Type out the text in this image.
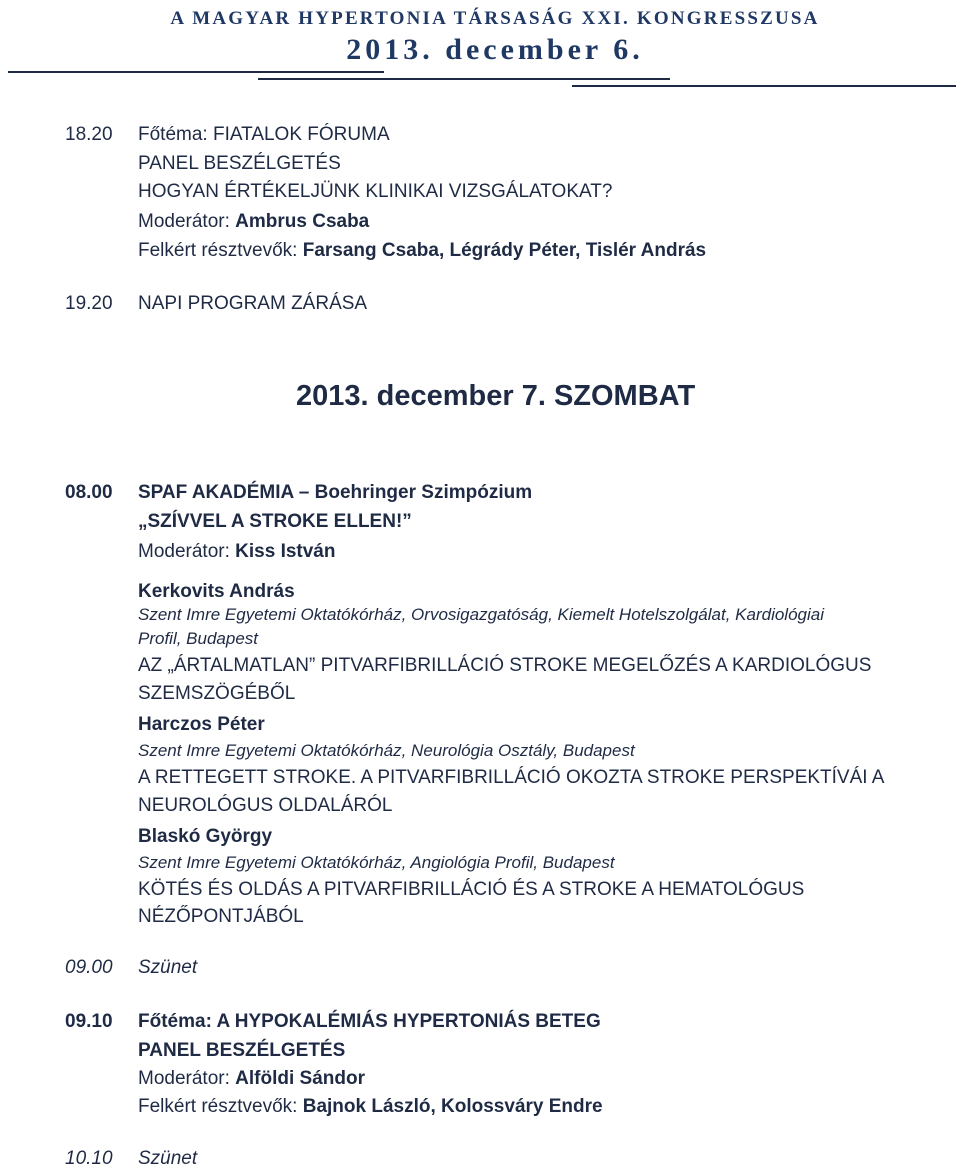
A MAGYAR HYPERTONIA TÁRSASÁG XXI. KONGRESSZUSA
2013. december 6.
18.20 Főtéma: FIATALOK FÓRUMA
PANEL BESZÉLGETÉS
HOGYAN ÉRTÉKELJÜNK KLINIKAI VIZSGÁLATOKAT?
Moderátor: Ambrus Csaba
Felkért résztvevők: Farsang Csaba, Légrády Péter, Tislér András
19.20 NAPI PROGRAM ZÁRÁSA
2013. december 7. SZOMBAT
08.00 SPAF AKADÉMIA – Boehringer Szimpózium
„SZÍVVEL A STROKE ELLEN!”
Moderátor: Kiss István
Kerkovits András
Szent Imre Egyetemi Oktatókórház, Orvosigazgatóság, Kiemelt Hotelszolgálat, Kardiológiai
Profil, Budapest
AZ „ÁRTALMATLAN” PITVARFIBRILLÁCIÓ STROKE MEGELŐZÉS A KARDIOLÓGUS
SZEMSZÖGÉBŐL
Harczos Péter
Szent Imre Egyetemi Oktatókórház, Neurológia Osztály, Budapest
A RETTEGETT STROKE. A PITVARFIBRILLÁCIÓ OKOZTA STROKE PERSPEKTÍVÁI A
NEUROLÓGUS OLDALÁRÓL
Blaskó György
Szent Imre Egyetemi Oktatókórház, Angiológia Profil, Budapest
KÖTÉS ÉS OLDÁS A PITVARFIBRILLÁCIÓ ÉS A STROKE A HEMATOLÓGUS
NÉZŐPONTJÁBÓL
09.00 Szünet
09.10 Főtéma: A HYPOKALÉMIÁS HYPERTONIÁS BETEG
PANEL BESZÉLGETÉS
Moderátor: Alföldi Sándor
Felkért résztvevők: Bajnok László, Kolossváry Endre
10.10 Szünet
